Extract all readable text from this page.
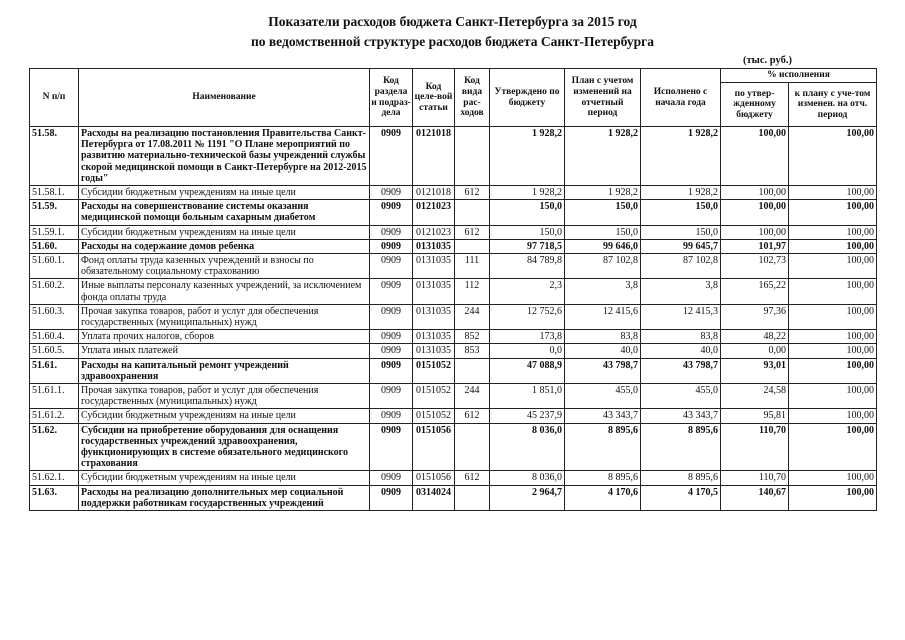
Показатели расходов бюджета Санкт-Петербурга за 2015 год
по ведомственной структуре расходов бюджета Санкт-Петербурга
(тыс. руб.)
N п/п	Наименование	Код раздела и подраз-дела	Код целе-вой статьи	Код вида рас-ходов	Утверждено по бюджету	План с учетом изменений на отчетный период	Исполнено с начала года	% исполнения	
								по утвер-жденному бюджету	к плану с уче-том изменен. на отч. период
51.58.	Расходы на реализацию постановления Правительства Санкт-Петербурга от 17.08.2011 № 1191 "О Плане мероприятий по развитию материально-технической базы учреждений службы скорой медицинской помощи в Санкт-Петербурге на 2012-2015 годы"	0909	0121018		1 928,2	1 928,2	1 928,2	100,00	100,00
51.58.1.	Субсидии бюджетным учреждениям на иные цели	0909	0121018	612	1 928,2	1 928,2	1 928,2	100,00	100,00
51.59.	Расходы на совершенствование системы оказания медицинской помощи больным сахарным диабетом	0909	0121023		150,0	150,0	150,0	100,00	100,00
51.59.1.	Субсидии бюджетным учреждениям на иные цели	0909	0121023	612	150,0	150,0	150,0	100,00	100,00
51.60.	Расходы на содержание домов ребенка	0909	0131035		97 718,5	99 646,0	99 645,7	101,97	100,00
51.60.1.	Фонд оплаты труда казенных учреждений и взносы по обязательному социальному страхованию	0909	0131035	111	84 789,8	87 102,8	87 102,8	102,73	100,00
51.60.2.	Иные выплаты персоналу казенных учреждений, за исключением фонда оплаты труда	0909	0131035	112	2,3	3,8	3,8	165,22	100,00
51.60.3.	Прочая закупка товаров, работ и услуг для обеспечения государственных (муниципальных) нужд	0909	0131035	244	12 752,6	12 415,6	12 415,3	97,36	100,00
51.60.4.	Уплата прочих налогов, сборов	0909	0131035	852	173,8	83,8	83,8	48,22	100,00
51.60.5.	Уплата иных платежей	0909	0131035	853	0,0	40,0	40,0	0,00	100,00
51.61.	Расходы на капитальный ремонт учреждений здравоохранения	0909	0151052		47 088,9	43 798,7	43 798,7	93,01	100,00
51.61.1.	Прочая закупка товаров, работ и услуг для обеспечения государственных (муниципальных) нужд	0909	0151052	244	1 851,0	455,0	455,0	24,58	100,00
51.61.2.	Субсидии бюджетным учреждениям на иные цели	0909	0151052	612	45 237,9	43 343,7	43 343,7	95,81	100,00
51.62.	Субсидии на приобретение оборудования для оснащения государственных учреждений здравоохранения, функционирующих в системе обязательного медицинского страхования	0909	0151056		8 036,0	8 895,6	8 895,6	110,70	100,00
51.62.1.	Субсидии бюджетным учреждениям на иные цели	0909	0151056	612	8 036,0	8 895,6	8 895,6	110,70	100,00
51.63.	Расходы на реализацию дополнительных мер социальной поддержки работникам государственных учреждений	0909	0314024		2 964,7	4 170,6	4 170,5	140,67	100,00
